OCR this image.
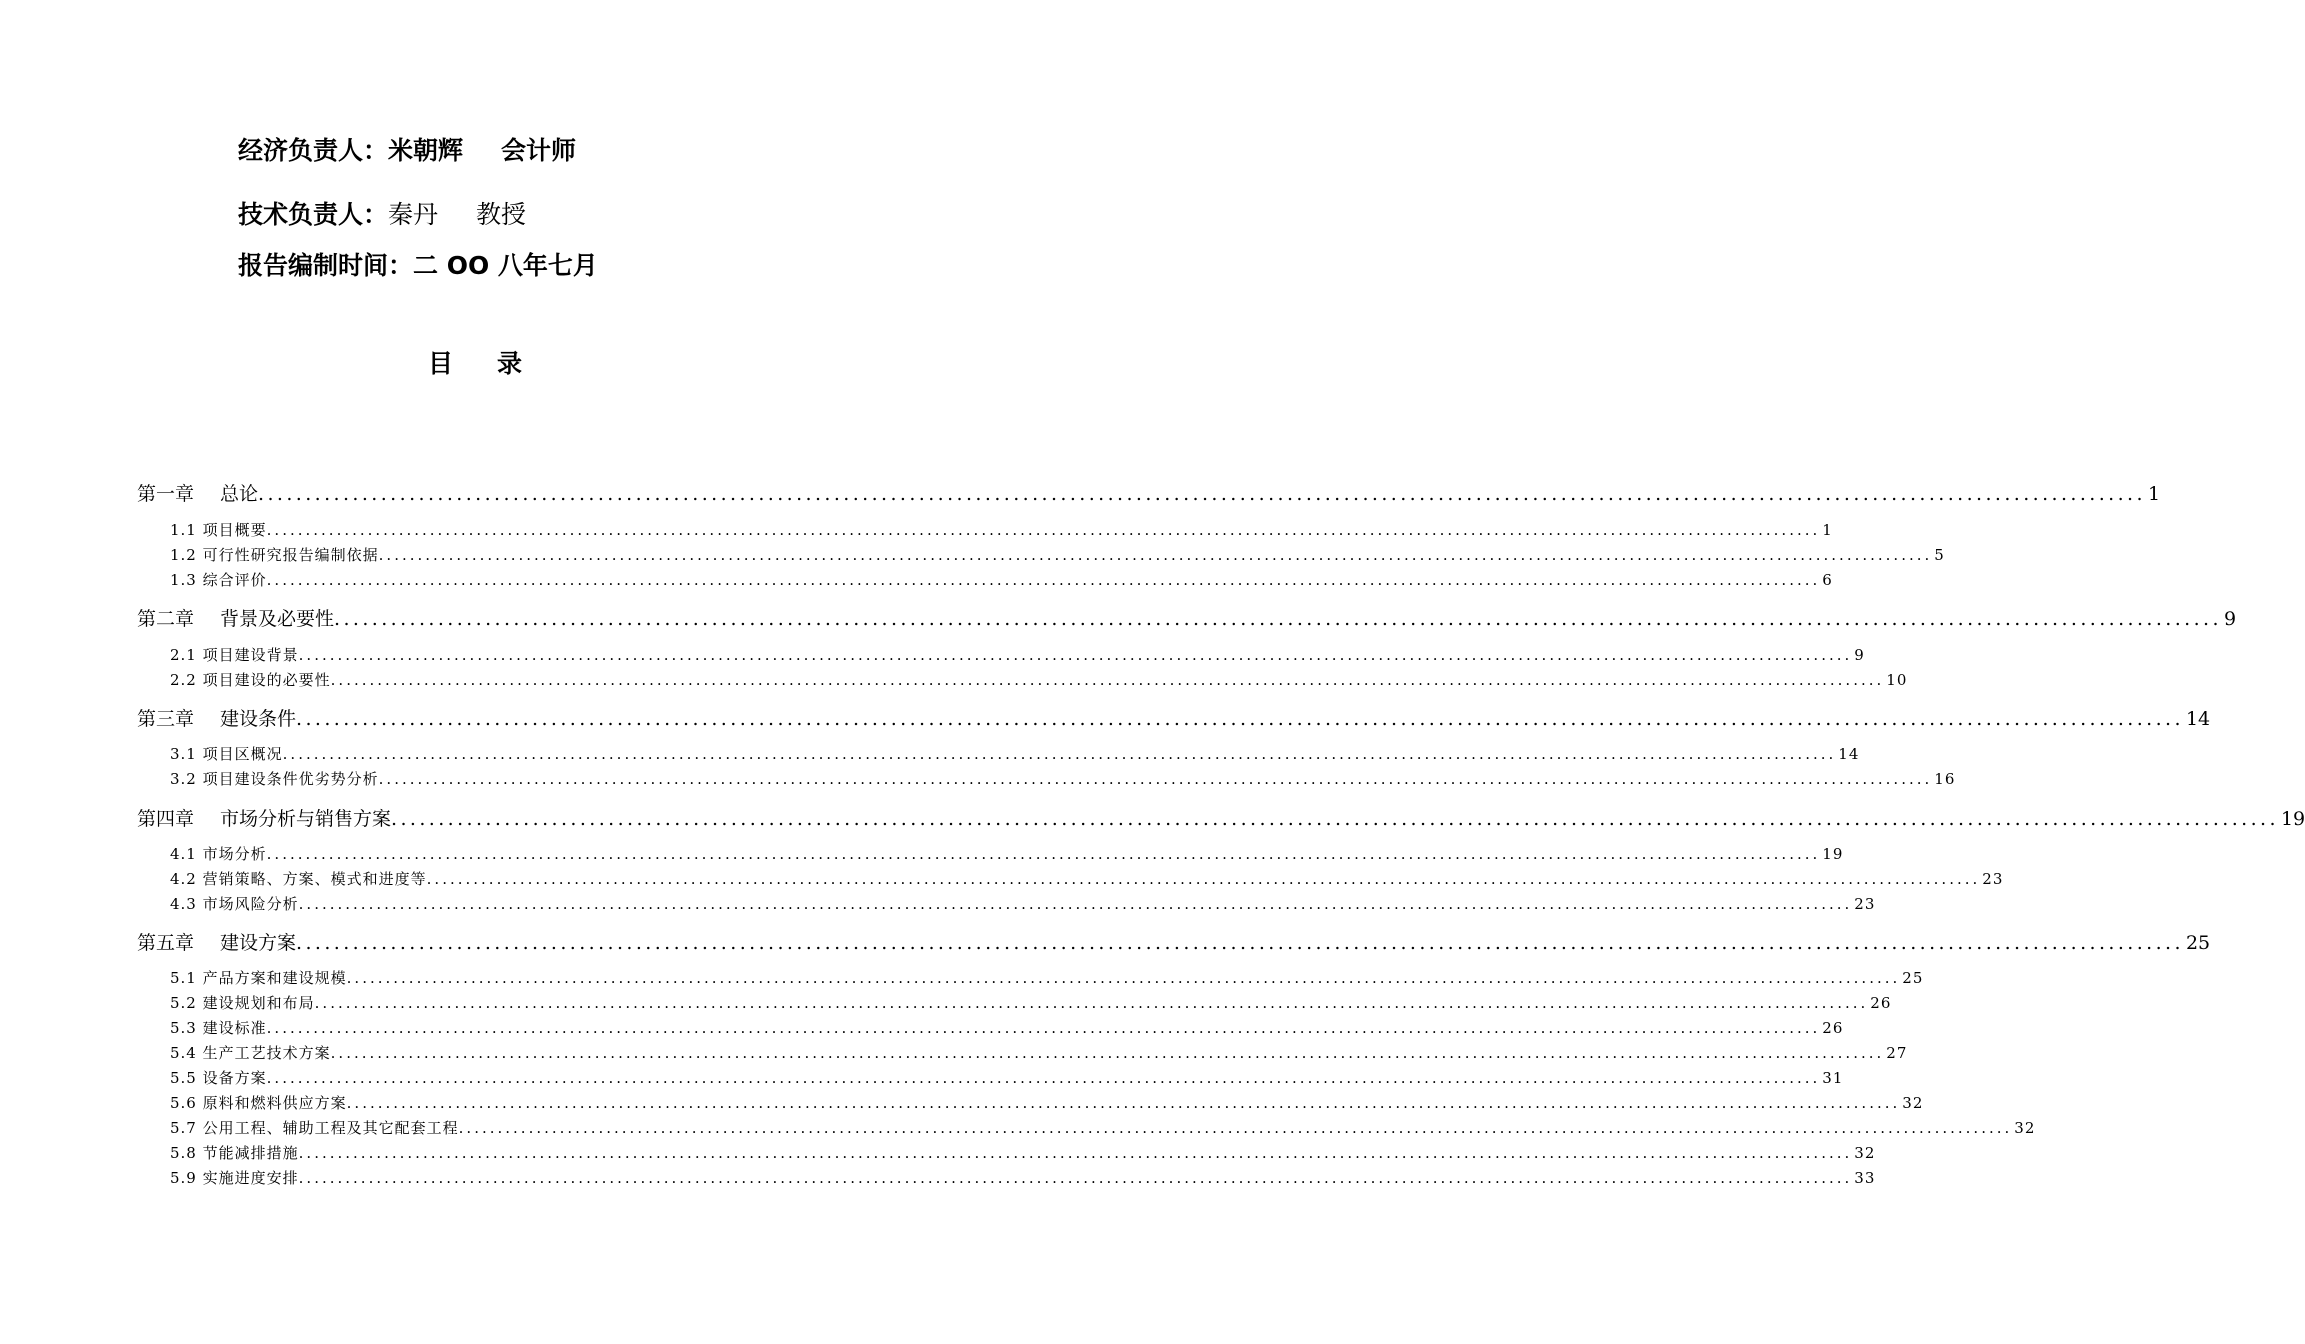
经济负责人：米朝辉 会计师
技术负责人：秦丹 教授
报告编制时间：二 OO 八年七月
目 录
第一章 总论 ........................................................................................................................................................................................................ 1
1.1 项目概要 ........................................................................................................................................................................................................ 1
1.2 可行性研究报告编制依据 ........................................................................................................................................................................................................ 5
1.3 综合评价 ........................................................................................................................................................................................................ 6
第二章 背景及必要性 ........................................................................................................................................................................................................ 9
2.1 项目建设背景 ........................................................................................................................................................................................................ 9
2.2 项目建设的必要性 ........................................................................................................................................................................................................ 10
第三章 建设条件 ........................................................................................................................................................................................................ 14
3.1 项目区概况 ........................................................................................................................................................................................................ 14
3.2 项目建设条件优劣势分析 ........................................................................................................................................................................................................ 16
第四章 市场分析与销售方案 ........................................................................................................................................................................................................ 19
4.1 市场分析 ........................................................................................................................................................................................................ 19
4.2 营销策略、方案、模式和进度等 ........................................................................................................................................................................................................ 23
4.3 市场风险分析 ........................................................................................................................................................................................................ 23
第五章 建设方案 ........................................................................................................................................................................................................ 25
5.1 产品方案和建设规模 ........................................................................................................................................................................................................ 25
5.2 建设规划和布局 ........................................................................................................................................................................................................ 26
5.3 建设标准 ........................................................................................................................................................................................................ 26
5.4 生产工艺技术方案 ........................................................................................................................................................................................................ 27
5.5 设备方案 ........................................................................................................................................................................................................ 31
5.6 原料和燃料供应方案 ........................................................................................................................................................................................................ 32
5.7 公用工程、辅助工程及其它配套工程 ........................................................................................................................................................................................................ 32
5.8 节能减排措施 ........................................................................................................................................................................................................ 32
5.9 实施进度安排 ........................................................................................................................................................................................................ 33
